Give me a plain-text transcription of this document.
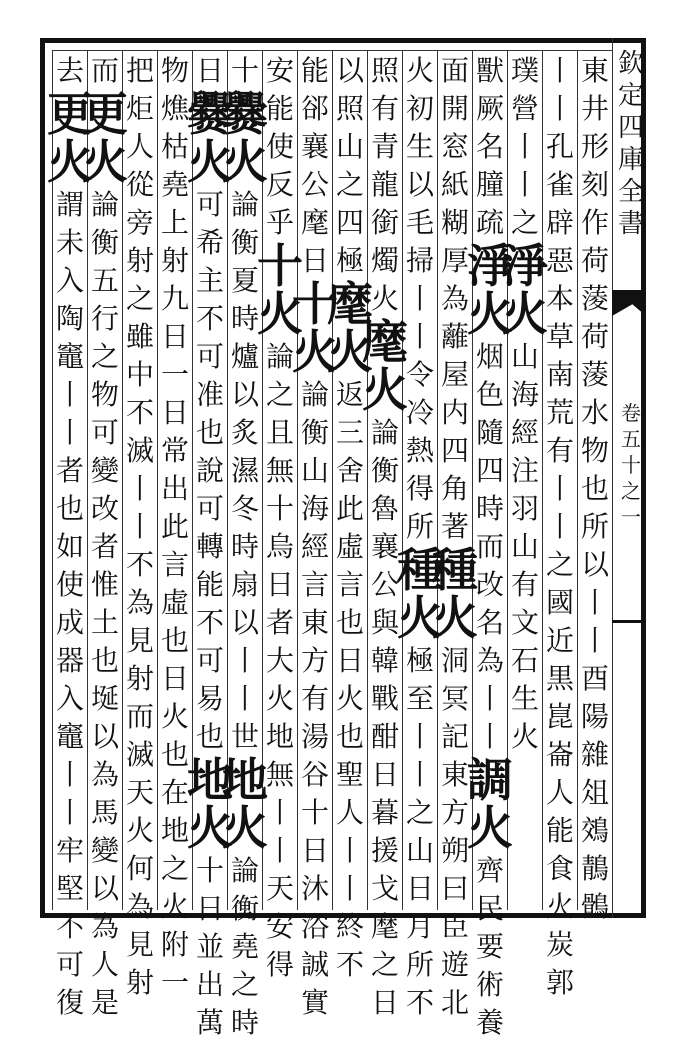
東
井
形
刻
作
荷
蔆
荷
蔆
水
物
也
所
以
丨
丨
酉
陽
雜
俎
鵁
鶄
鶻
丨
丨
孔
雀
辟
惡
本
草
南
荒
有
丨
丨
之
國
近
黒
崑
崙
人
能
食
火
炭
郭
璞
營
丨
丨
之
淨
火
山
海
經
注
羽
山
有
文
石
生
火
獸
厥
名
朣
疏
淨
火
烟
色
隨
四
時
而
改
名
為
丨
丨
調
火
齊
民
要
術
養
面
開
窓
紙
糊
厚
為
蘺
屋
内
四
角
著
種
火
洞
冥
記
東
方
朔
曰
臣
遊
北
火
初
生
以
毛
掃
丨
丨
令
冷
熱
得
所
種
火
極
至
丨
丨
之
山
日
月
所
不
照
有
青
龍
銜
燭
火
麾
火
論
衡
魯
襄
公
與
韓
戰
酣
日
暮
援
戈
麾
之
日
以
照
山
之
四
極
麾
火
返
三
舍
此
虛
言
也
日
火
也
聖
人
丨
丨
終
不
能
郤
襄
公
麾
日
十
火
論
衡
山
海
經
言
東
方
有
湯
谷
十
日
沐
浴
誠
實
安
能
使
反
乎
十
火
論
之
且
無
十
烏
日
者
大
火
地
無
丨
丨
天
安
得
十
爨
火
論
衡
夏
時
爐
以
炙
濕
冬
時
扇
以
丨
丨
世
地
火
論
衡
堯
之
時
日
爨
火
可
希
主
不
可
准
也
說
可
轉
能
不
可
易
也
地
火
十
日
並
出
萬
物
燋
枯
堯
上
射
九
日
一
日
常
出
此
言
虛
也
日
火
也
在
地
之
火
附
一
把
炬
人
從
旁
射
之
雖
中
不
滅
丨
丨
不
為
見
射
而
滅
天
火
何
為
見
射
而
更
火
論
衡
五
行
之
物
可
變
改
者
惟
土
也
埏
以
為
馬
變
以
為
人
是
去
更
火
謂
未
入
陶
竈
丨
丨
者
也
如
使
成
器
入
竈
丨
丨
牢
堅
不
可
復
欽
定
四
庫
全
書
卷
五
十
之
一
